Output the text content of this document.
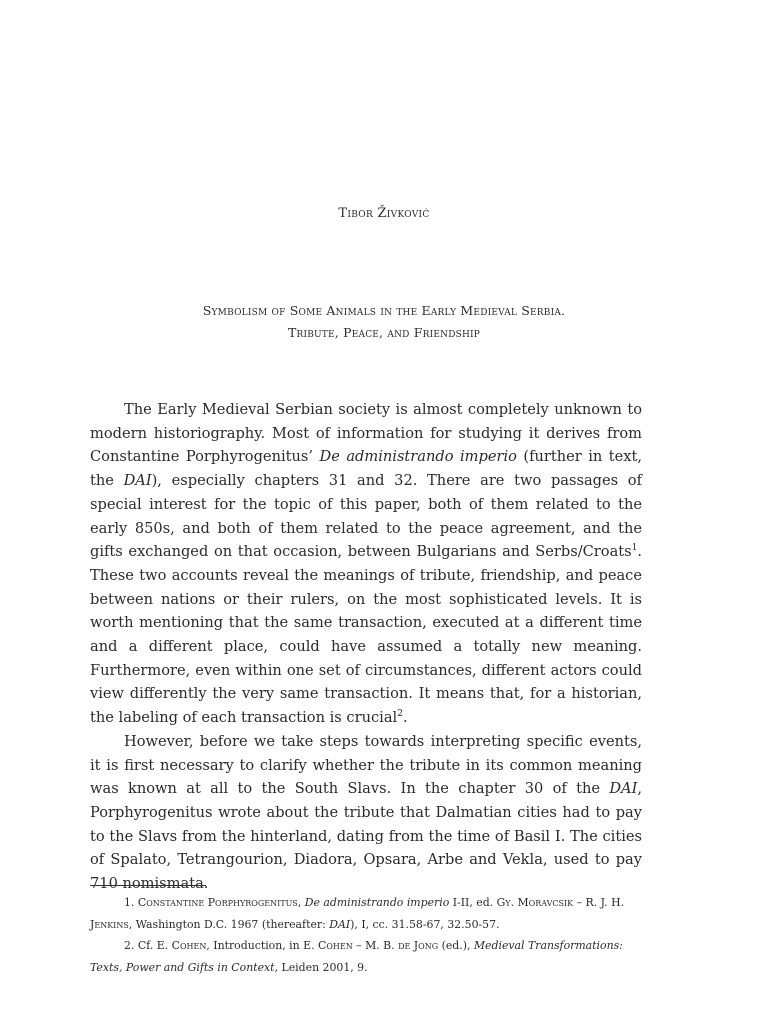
Tibor Živković
Symbolism of Some Animals in the Early Medieval Serbia.
Tribute, Peace, and Friendship

The Early Medieval Serbian society is almost completely unknown to modern historiography. Most of information for studying it derives from Constantine Porphyrogenitus’ De administrando imperio (further in text, the DAI), especially chapters 31 and 32. There are two passages of special interest for the topic of this paper, both of them related to the early 850s, and both of them related to the peace agreement, and the gifts exchanged on that occasion, between Bulgarians and Serbs/Croats$^1$. These two accounts reveal the meanings of tribute, friendship, and peace between nations or their rulers, on the most sophisticated levels. It is worth mentioning that the same transaction, executed at a different time and a different place, could have assumed a totally new meaning. Furthermore, even within one set of circumstances, different actors could view differently the very same transaction. It means that, for a historian, the labeling of each transaction is crucial$^2$.

However, before we take steps towards interpreting specific events, it is first necessary to clarify whether the tribute in its common meaning was known at all to the South Slavs. In the chapter 30 of the DAI, Porphyrogenitus wrote about the tribute that Dalmatian cities had to pay to the Slavs from the hinterland, dating from the time of Basil I. The cities of Spalato, Tetrangourion, Diadora, Opsara, Arbe and Vekla, used to pay 710 nomismata.

1. Constantine Porphyrogenitus, De administrando imperio I-II, ed. Gy. Moravcsik – R. J. H. Jenkins, Washington D.C. 1967 (thereafter: DAI), I, cc. 31.58-67, 32.50-57.

2. Cf. E. Cohen, Introduction, in E. Cohen – M. B. de Jong (ed.), Medieval Transformations: Texts, Power and Gifts in Context, Leiden 2001, 9.
